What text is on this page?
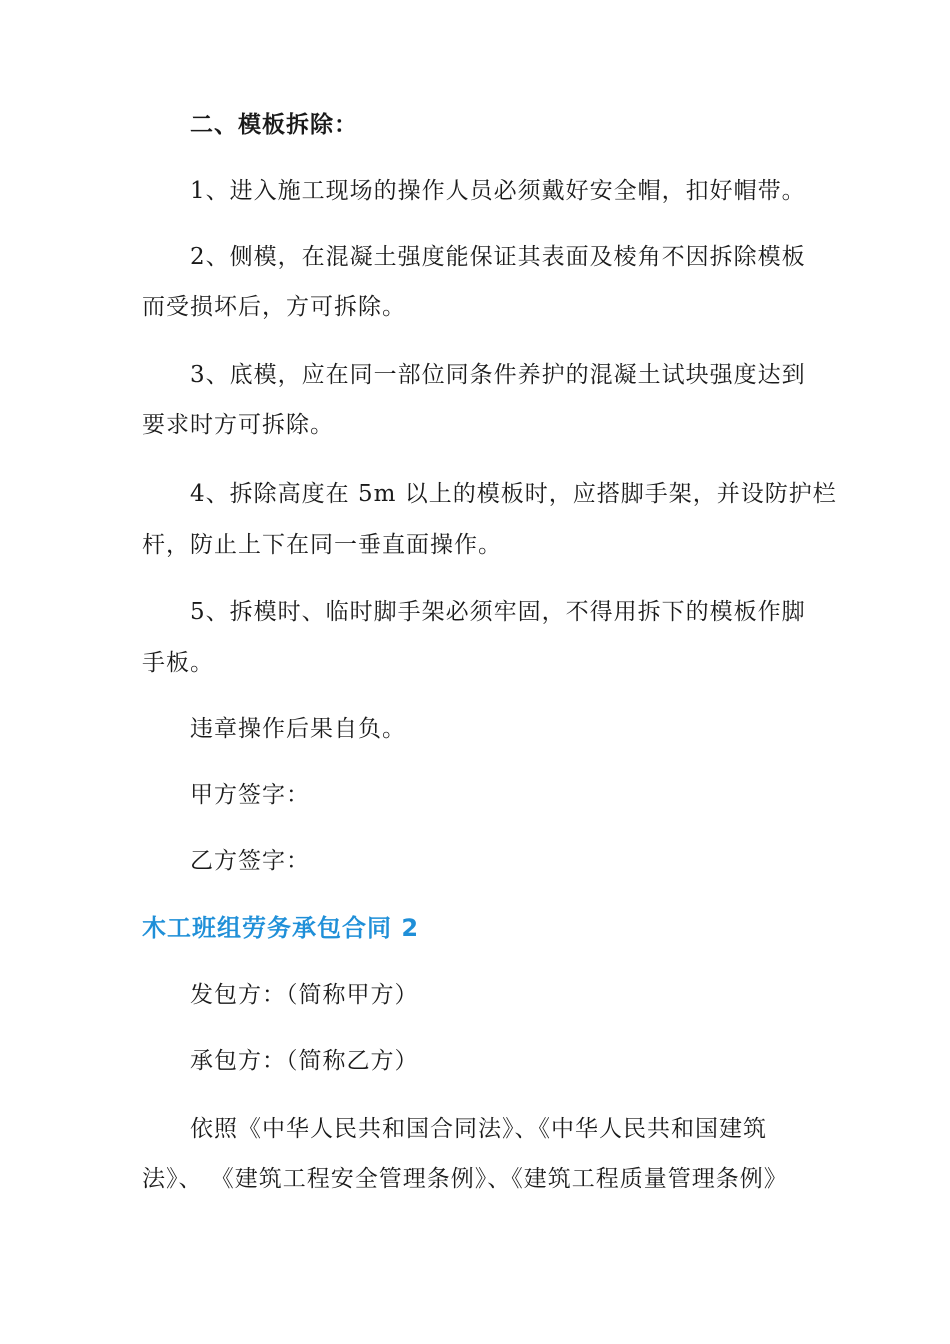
二、模板拆除：
1、进入施工现场的操作人员必须戴好安全帽，扣好帽带。
2、侧模，在混凝土强度能保证其表面及棱角不因拆除模板
而受损坏后，方可拆除。
3、底模，应在同一部位同条件养护的混凝土试块强度达到
要求时方可拆除。
4、拆除高度在 5m 以上的模板时，应搭脚手架，并设防护栏
杆，防止上下在同一垂直面操作。
5、拆模时、临时脚手架必须牢固，不得用拆下的模板作脚
手板。
违章操作后果自负。
甲方签字：
乙方签字：
木工班组劳务承包合同 2
发包方：（简称甲方）
承包方：（简称乙方）
依照《中华人民共和国合同法》、《中华人民共和国建筑
法》、 《建筑工程安全管理条例》、《建筑工程质量管理条例》
